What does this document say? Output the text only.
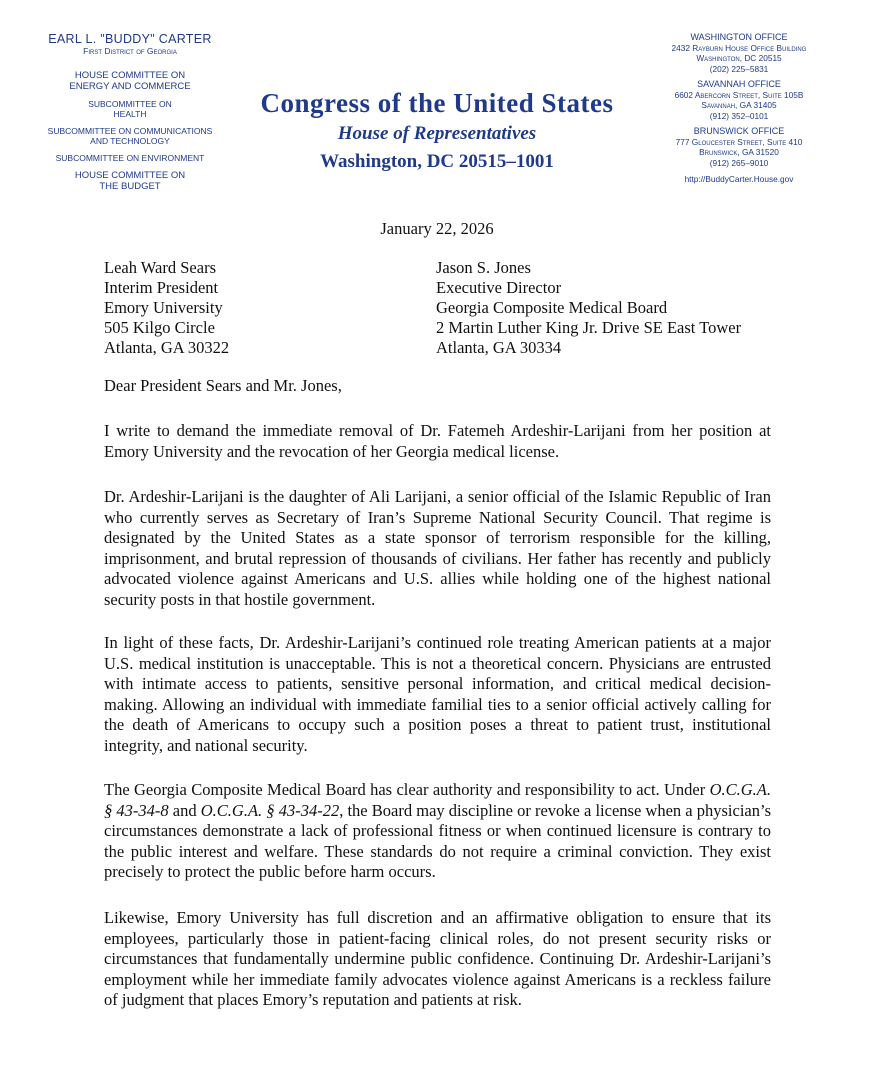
EARL L. "BUDDY" CARTER
First District of Georgia
HOUSE COMMITTEE ON ENERGY AND COMMERCE
SUBCOMMITTEE ON HEALTH
SUBCOMMITTEE ON COMMUNICATIONS AND TECHNOLOGY
SUBCOMMITTEE ON ENVIRONMENT
HOUSE COMMITTEE ON THE BUDGET
Congress of the United States
House of Representatives
Washington, DC 20515–1001
WASHINGTON OFFICE
2432 Rayburn House Office Building
Washington, DC 20515
(202) 225–5831
SAVANNAH OFFICE
6602 Abercorn Street, Suite 105B
Savannah, GA 31405
(912) 352–0101
BRUNSWICK OFFICE
777 Gloucester Street, Suite 410
Brunswick, GA 31520
(912) 265–9010
http://BuddyCarter.House.gov
January 22, 2026
Leah Ward Sears
Interim President
Emory University
505 Kilgo Circle
Atlanta, GA 30322
Jason S. Jones
Executive Director
Georgia Composite Medical Board
2 Martin Luther King Jr. Drive SE East Tower
Atlanta, GA 30334
Dear President Sears and Mr. Jones,

I write to demand the immediate removal of Dr. Fatemeh Ardeshir-Larijani from her position at Emory University and the revocation of her Georgia medical license.

Dr. Ardeshir-Larijani is the daughter of Ali Larijani, a senior official of the Islamic Republic of Iran who currently serves as Secretary of Iran’s Supreme National Security Council. That regime is designated by the United States as a state sponsor of terrorism responsible for the killing, imprisonment, and brutal repression of thousands of civilians. Her father has recently and publicly advocated violence against Americans and U.S. allies while holding one of the highest national security posts in that hostile government.

In light of these facts, Dr. Ardeshir-Larijani’s continued role treating American patients at a major U.S. medical institution is unacceptable. This is not a theoretical concern. Physicians are entrusted with intimate access to patients, sensitive personal information, and critical medical decision-making. Allowing an individual with immediate familial ties to a senior official actively calling for the death of Americans to occupy such a position poses a threat to patient trust, institutional integrity, and national security.

The Georgia Composite Medical Board has clear authority and responsibility to act. Under O.C.G.A. § 43-34-8 and O.C.G.A. § 43-34-22, the Board may discipline or revoke a license when a physician’s circumstances demonstrate a lack of professional fitness or when continued licensure is contrary to the public interest and welfare. These standards do not require a criminal conviction. They exist precisely to protect the public before harm occurs.

Likewise, Emory University has full discretion and an affirmative obligation to ensure that its employees, particularly those in patient-facing clinical roles, do not present security risks or circumstances that fundamentally undermine public confidence. Continuing Dr. Ardeshir-Larijani’s employment while her immediate family advocates violence against Americans is a reckless failure of judgment that places Emory’s reputation and patients at risk.
